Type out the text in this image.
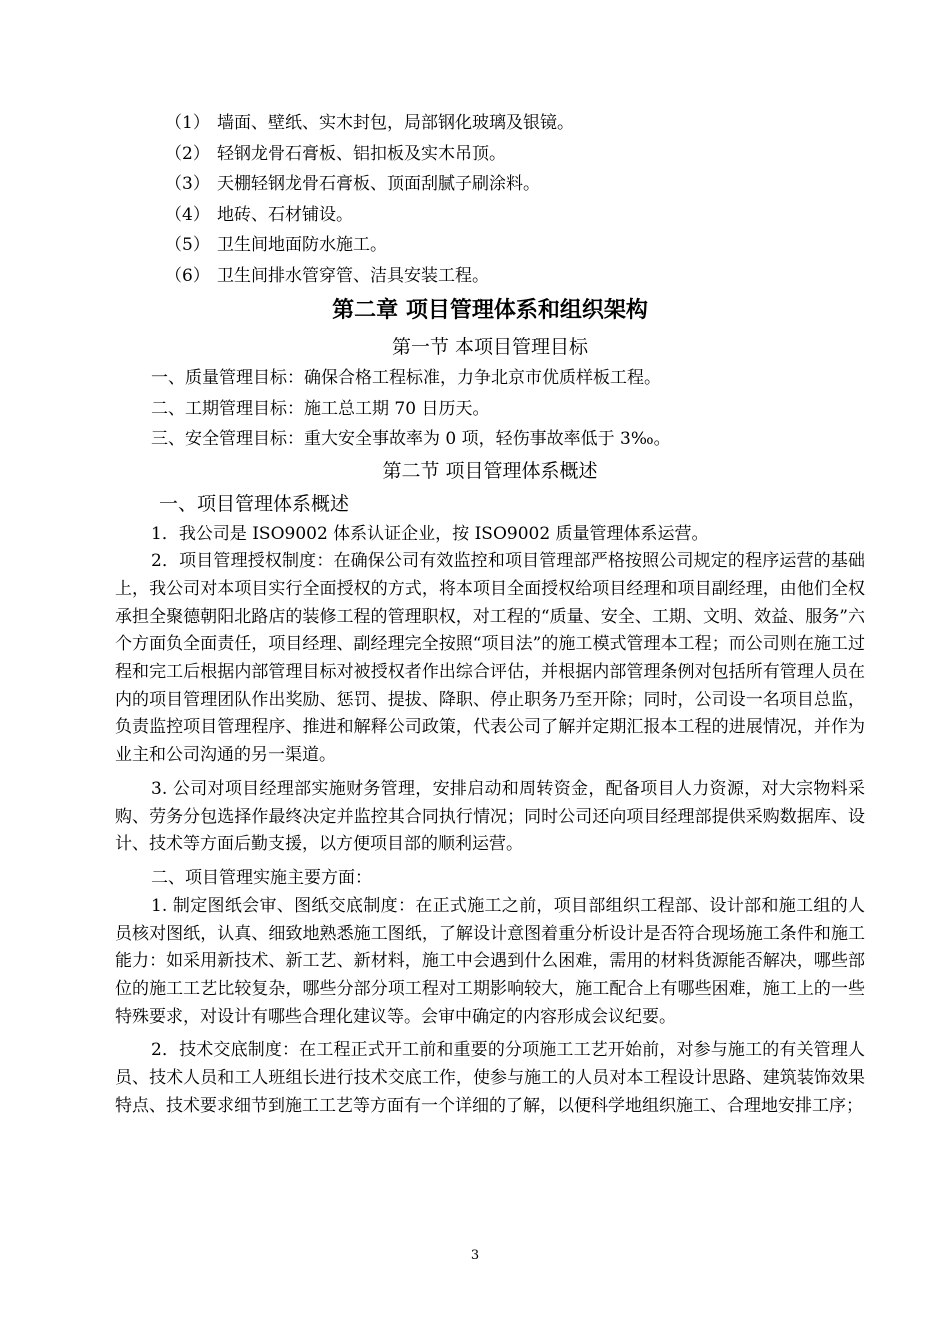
（1） 墙面、壁纸、实木封包，局部钢化玻璃及银镜。
（2） 轻钢龙骨石膏板、铝扣板及实木吊顶。
（3） 天棚轻钢龙骨石膏板、顶面刮腻子刷涂料。
（4） 地砖、石材铺设。
（5） 卫生间地面防水施工。
（6） 卫生间排水管穿管、洁具安装工程。
第二章 项目管理体系和组织架构
第一节 本项目管理目标
一、质量管理目标：确保合格工程标准，力争北京市优质样板工程。
二、工期管理目标：施工总工期 70 日历天。
三、安全管理目标：重大安全事故率为 0 项，轻伤事故率低于 3‰。
第二节 项目管理体系概述
一、项目管理体系概述

1．我公司是 ISO9002 体系认证企业，按 ISO9002 质量管理体系运营。

2．项目管理授权制度：在确保公司有效监控和项目管理部严格按照公司规定的程序运营的基础上，我公司对本项目实行全面授权的方式，将本项目全面授权给项目经理和项目副经理，由他们全权承担全聚德朝阳北路店的装修工程的管理职权，对工程的“质量、安全、工期、文明、效益、服务”六个方面负全面责任，项目经理、副经理完全按照“项目法”的施工模式管理本工程；而公司则在施工过程和完工后根据内部管理目标对被授权者作出综合评估，并根据内部管理条例对包括所有管理人员在内的项目管理团队作出奖励、惩罚、提拔、降职、停止职务乃至开除；同时，公司设一名项目总监，负责监控项目管理程序、推进和解释公司政策，代表公司了解并定期汇报本工程的进展情况，并作为业主和公司沟通的另一渠道。

3. 公司对项目经理部实施财务管理，安排启动和周转资金，配备项目人力资源，对大宗物料采购、劳务分包选择作最终决定并监控其合同执行情况；同时公司还向项目经理部提供采购数据库、设计、技术等方面后勤支援，以方便项目部的顺利运营。

二、项目管理实施主要方面：

1. 制定图纸会审、图纸交底制度：在正式施工之前，项目部组织工程部、设计部和施工组的人员核对图纸，认真、细致地熟悉施工图纸，了解设计意图着重分析设计是否符合现场施工条件和施工能力：如采用新技术、新工艺、新材料，施工中会遇到什么困难，需用的材料货源能否解决，哪些部位的施工工艺比较复杂，哪些分部分项工程对工期影响较大，施工配合上有哪些困难，施工上的一些特殊要求，对设计有哪些合理化建议等。会审中确定的内容形成会议纪要。

2．技术交底制度：在工程正式开工前和重要的分项施工工艺开始前，对参与施工的有关管理人员、技术人员和工人班组长进行技术交底工作，使参与施工的人员对本工程设计思路、建筑装饰效果特点、技术要求细节到施工工艺等方面有一个详细的了解，以便科学地组织施工、合理地安排工序；

3
